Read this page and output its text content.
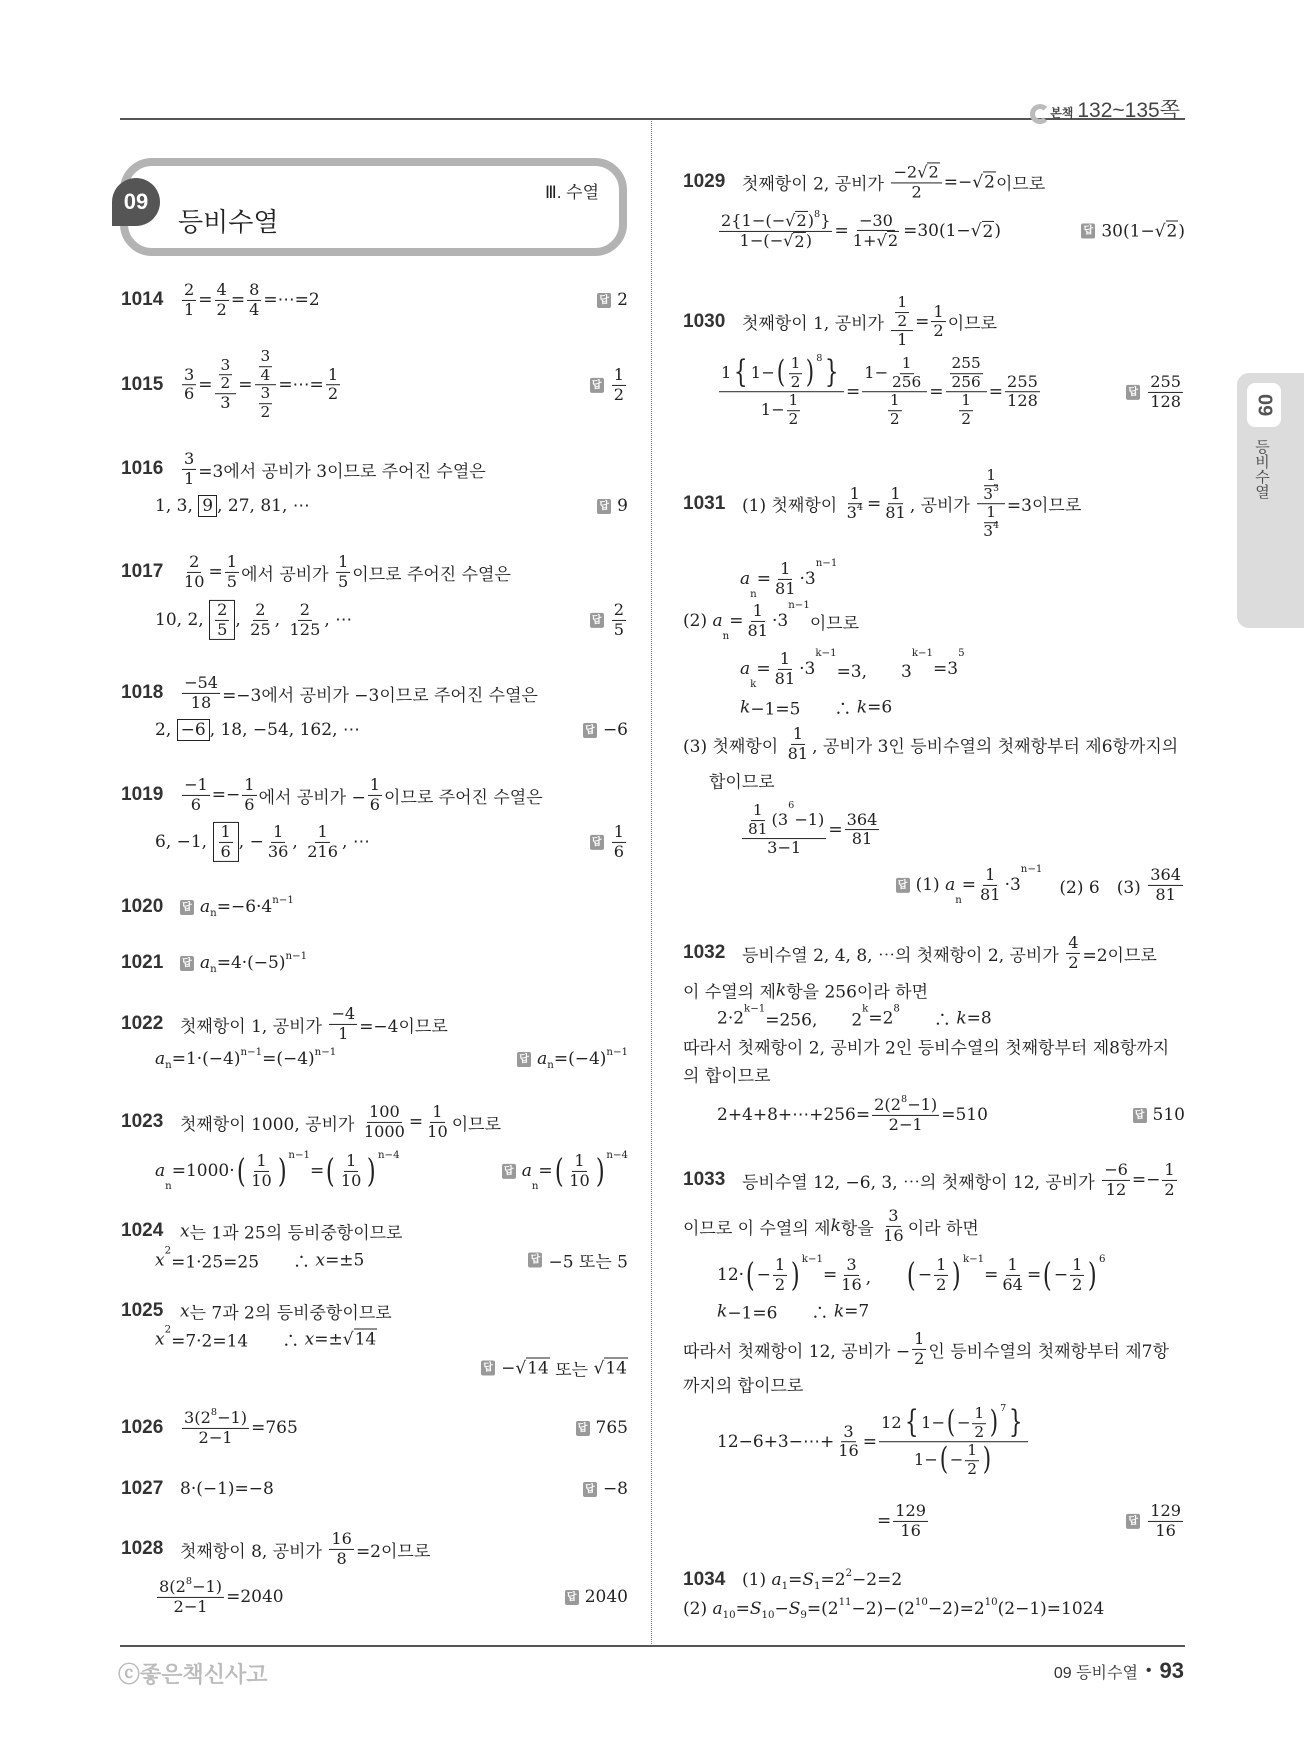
본책 132~135쪽
09
등비수열
Ⅲ. 수열
09
등비수열
$1014 \frac{2}{1} = \frac{4}{2} = \frac{8}{4}$ =⋯=2	답 2
$1015 \frac{3}{6} = \frac{\frac{3}{2}}{3} = \frac{\frac{3}{4}}{\frac{3}{2}}$ =⋯= $\frac{1}{2}$	답 $\frac{1}{2}$
$1016 \frac{3}{1} =3$에서 공비가 3이므로 주어진 수열은
1, 3, 9 , 27, 81, ⋯	답 9
$1017 \frac{2}{10} = \frac{1}{5}$ 에서 공비가 $\frac{1}{5}$ 이므로 주어진 수열은
10, 2, $\frac{2}{5}$ , $\frac{2}{25}$ , $\frac{2}{125}$ , ⋯	답 $\frac{2}{5}$
$1018 \frac{-54}{18} =-3$에서 공비가 −3이므로 주어진 수열은
2, −6 , 18, −54, 162, ⋯	답 −6
$1019 \frac{-1}{6} =- \frac{1}{6}$ 에서 공비가 − $\frac{1}{6}$ 이므로 주어진 수열은
6, −1, $\frac{1}{6}$ , − $\frac{1}{36}$ , $\frac{1}{216}$ , ⋯	답 $\frac{1}{6}$
1020 답 a n =−6·4 n−1
1021 답 a n =4·(−5) n−1
1022 첫째항이 1, 공비가 $\frac{-4}{1} =-4$이므로
a n =1·(−4) n−1 =(−4) n−1
답 a n =(−4) n−1
1023 첫째항이 1000, 공비가 $\frac{100}{1000} = \frac{1}{10}$ 이므로
a
n
=1000· ( $\frac{1}{10}$ ) n−1
= ( $\frac{1}{10}$ ) n−4
답 a
n
= ( $\frac{1}{10}$ ) n−4
1024 x 는 1과 25의 등비중항이므로
x 2
=1·25=25　　∴ x =±5	답 −5 또는 5
1025 x 는 7과 2의 등비중항이므로
x 2
=7·2=14　　∴ x =± √ 14
답 − √ 14 또는 √ 14
$1026 \frac{3(2 8 -1)}{2-1} =765$	답 765
1027 8·(−1)=−8	답 −8
1028 첫째항이 8, 공비가 $\frac{16}{8} =2$이므로
$\frac{8(2 8 -1)}{2-1} =2040$	답 2040
1029 첫째항이 2, 공비가 $\frac{-2 √ 2}{2}$ =− √ 2 이므로
$\frac{2\{1-(- √ 2 ) 8 \}}{1-(- √ 2 )} = \frac{-30}{1+ √ 2} =30(1-$ √ 2 )	답 30(1− √ 2 )
1030 첫째항이 1, 공비가 $\frac{\frac{1}{2}}{1} = \frac{1}{2}$ 이므로
$\frac{1 \{ 1- ( \frac{1}{2} ) 8 \}}{1- \frac{1}{2}} = \frac{1- \frac{1}{256}}{\frac{1}{2}} = \frac{\frac{255}{256}}{\frac{1}{2}} = \frac{255}{128}$	답 $\frac{255}{128}$
1031 (1) 첫째항이 $\frac{1}{3 4} = \frac{1}{81}$ , 공비가 $\frac{\frac{1}{3 3}}{\frac{1}{3 4}} =3$이므로
a
n
= $\frac{1}{81} \cdot 3$
n−1
(2) a
n
= $\frac{1}{81} \cdot 3$
n−1
이므로
a
k
= $\frac{1}{81} \cdot 3$
k−1
=3,　　3
k−1
=3
5
k −1=5　　∴ k =6
(3) 첫째항이 $\frac{1}{81}$ , 공비가 3인 등비수열의 첫째항부터 제6항까지의
합이므로
$\frac{1}{81} (3$
6
−1)
$3-1 = \frac{364}{81}$
답 (1) a
n
= $\frac{1}{81} \cdot 3$
n−1
　(2) 6　$(3) \frac{364}{81}$
1032 등비수열 2, 4, 8, ⋯의 첫째항이 2, 공비가 $\frac{4}{2} =2$이므로
이 수열의 제 k 항을 256이라 하면
2·2 k−1
=256,　　2
k =2 8
　　∴ k =8
따라서 첫째항이 2, 공비가 2인 등비수열의 첫째항부터 제8항까지
의 합이므로
2+4+8+⋯+256= $\frac{2(2 8 -1)}{2-1} =510$	답 510
1033 등비수열 12, −6, 3, ⋯의 첫째항이 12, 공비가 $\frac{-6}{12} =- \frac{1}{2}$
이므로 이 수열의 제 k 항을 $\frac{3}{16}$ 이라 하면
12· ( − $\frac{1}{2}$ ) k−1
= $\frac{3}{16}$ ,　　 ( − $\frac{1}{2}$ ) k−1
= $\frac{1}{64}$ = ( − $\frac{1}{2}$ ) 6
k −1=6　　∴ k =7
따라서 첫째항이 12, 공비가 − $\frac{1}{2}$ 인 등비수열의 첫째항부터 제7항
까지의 합이므로
12−6+3−⋯+ $\frac{3}{16} = \frac{12 \{ 1- ( - \frac{1}{2} ) 7 \}}{1- ( - \frac{1}{2} )}$
= $\frac{129}{16}$	답 $\frac{129}{16}$
1034 (1) a 1 = S 1 =2 2 −2=2
(2) a 10 = S 10 − S 9 =(2 11 −2)−(2 10 −2)=2 10 (2−1)=1024
ⓒ좋은책신사고	09 등비수열 • 93
